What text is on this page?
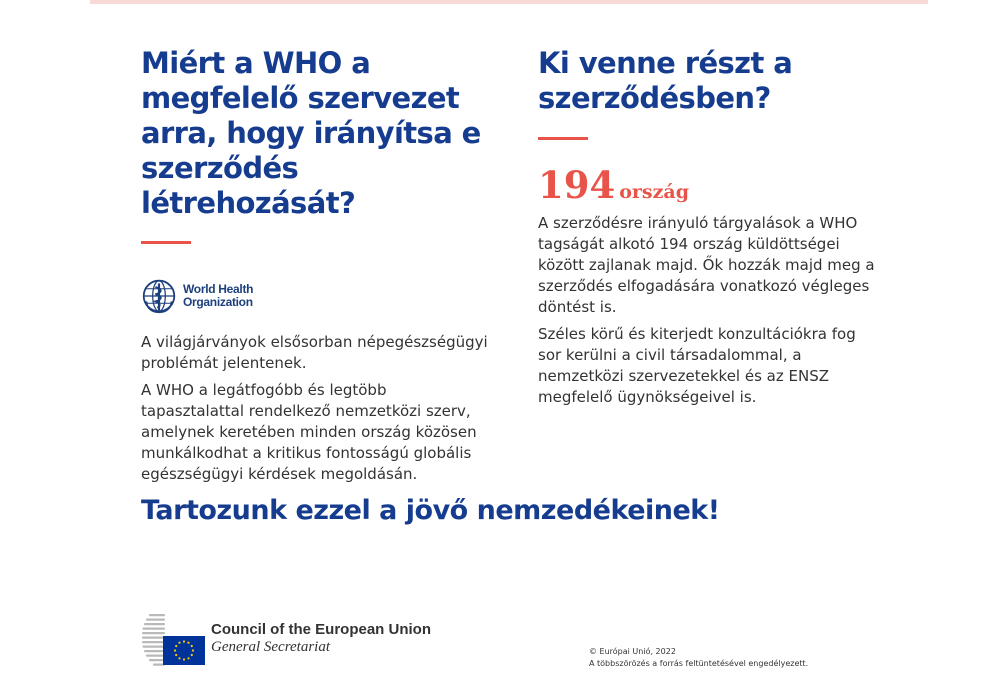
Miért a WHO a megfelelő szervezet arra, hogy irányítsa e szerződés létrehozását?
World Health
Organization

A világjárványok elsősorban népegészségügyi problémát jelentenek.

A WHO a legátfogóbb és legtöbb tapasztalattal rendelkező nemzetközi szerv, amelynek keretében minden ország közösen munkálkodhat a kritikus fontosságú globális egészségügyi kérdések megoldásán.

Ki venne részt a szerződésben?
194 ország

A szerződésre irányuló tárgyalások a WHO tagságát alkotó 194 ország küldöttségei között zajlanak majd. Ők hozzák majd meg a szerződés elfogadására vonatkozó végleges döntést is.

Széles körű és kiterjedt konzultációkra fog sor kerülni a civil társadalommal, a nemzetközi szervezetekkel és az ENSZ megfelelő ügynökségeivel is.

Tartozunk ezzel a jövő nemzedékeinek!
Council of the European Union
General Secretariat	© Európai Unió, 2022
A többszörözés a forrás feltüntetésével engedélyezett.
